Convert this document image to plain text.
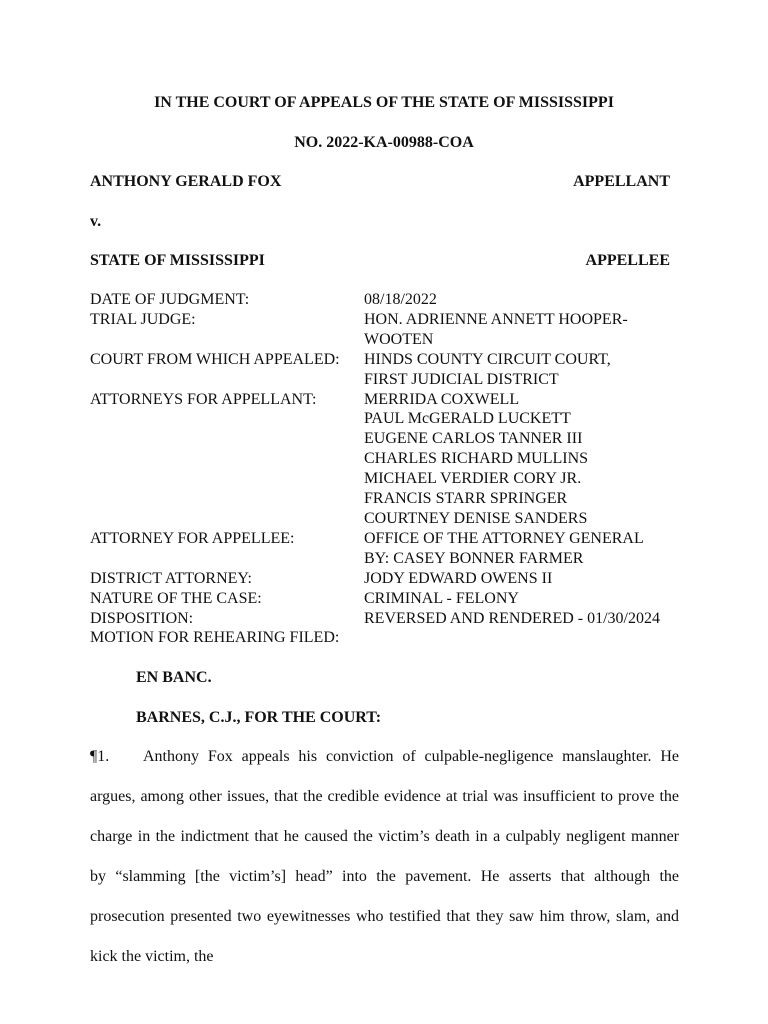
IN THE COURT OF APPEALS OF THE STATE OF MISSISSIPPI
NO. 2022-KA-00988-COA
ANTHONY GERALD FOX	APPELLANT
v.
STATE OF MISSISSIPPI	APPELLEE
DATE OF JUDGMENT:	08/18/2022
TRIAL JUDGE:	HON. ADRIENNE ANNETT HOOPER-
WOOTEN
COURT FROM WHICH APPEALED:	HINDS COUNTY CIRCUIT COURT,
FIRST JUDICIAL DISTRICT
ATTORNEYS FOR APPELLANT:	MERRIDA COXWELL
PAUL McGERALD LUCKETT
EUGENE CARLOS TANNER III
CHARLES RICHARD MULLINS
MICHAEL VERDIER CORY JR.
FRANCIS STARR SPRINGER
COURTNEY DENISE SANDERS
ATTORNEY FOR APPELLEE:	OFFICE OF THE ATTORNEY GENERAL
BY: CASEY BONNER FARMER
DISTRICT ATTORNEY:	JODY EDWARD OWENS II
NATURE OF THE CASE:	CRIMINAL - FELONY
DISPOSITION:	REVERSED AND RENDERED - 01/30/2024
MOTION FOR REHEARING FILED:
EN BANC.
BARNES, C.J., FOR THE COURT:
¶1. Anthony Fox appeals his conviction of culpable-negligence manslaughter. He argues, among other issues, that the credible evidence at trial was insufficient to prove the charge in the indictment that he caused the victim’s death in a culpably negligent manner by “slamming [the victim’s] head” into the pavement. He asserts that although the prosecution presented two eyewitnesses who testified that they saw him throw, slam, and kick the victim, the
